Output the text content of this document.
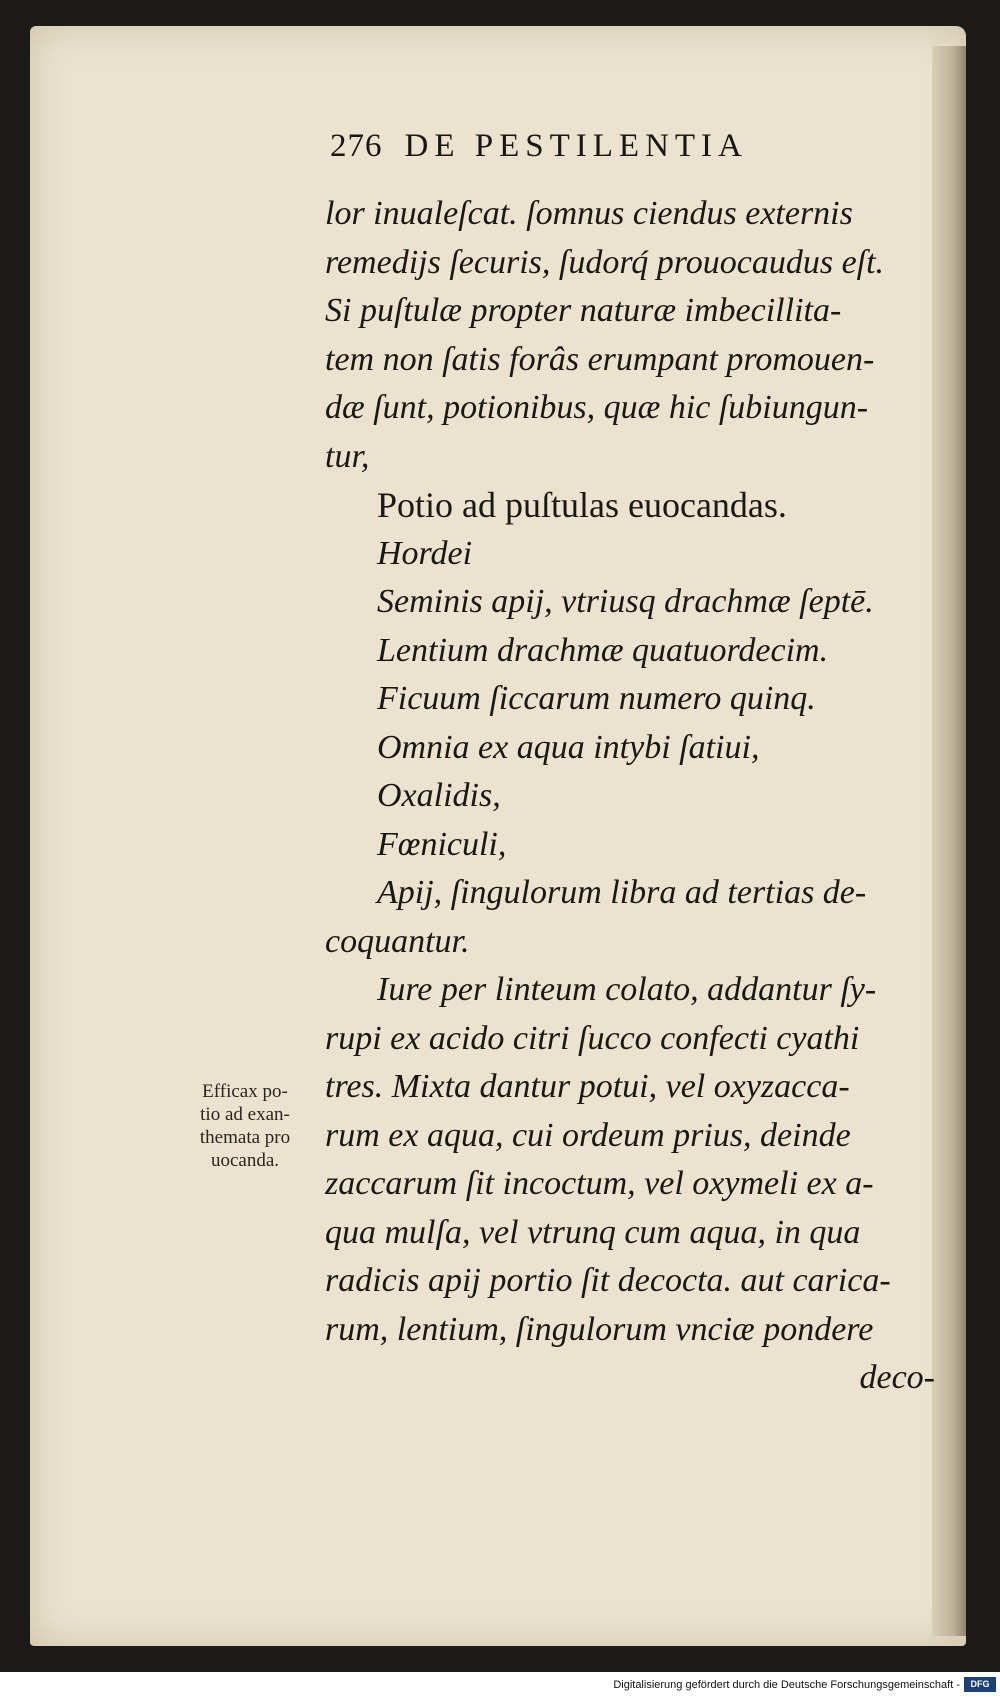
276 DE PESTILENTIA
lor inualeſcat. ſomnus ciendus externis
remedijs ſecuris, ſudorq́ prouocaudus eſt.
Si puſtulæ propter naturæ imbecillita-
tem non ſatis forâs erumpant promouen-
dæ ſunt, potionibus, quæ hic ſubiungun-
tur,
Potio ad puſtulas euocandas.
Hordei
Seminis apij, vtriusq drachmæ ſeptē.
Lentium drachmæ quatuordecim.
Ficuum ſiccarum numero quinq.
Omnia ex aqua intybi ſatiui,
Oxalidis,
Fœniculi,
Apij, ſingulorum libra ad tertias de-
coquantur.
Iure per linteum colato, addantur ſy-
rupi ex acido citri ſucco confecti cyathi
tres. Mixta dantur potui, vel oxyzacca-
rum ex aqua, cui ordeum prius, deinde
zaccarum ſit incoctum, vel oxymeli ex a-
qua mulſa, vel vtrunq cum aqua, in qua
radicis apij portio ſit decocta. aut carica-
rum, lentium, ſingulorum vnciæ pondere
deco-
Efficax po-
tio ad exan-
themata pro
uocanda.
Digitalisierung gefördert durch die Deutsche Forschungsgemeinschaft -	DFG
